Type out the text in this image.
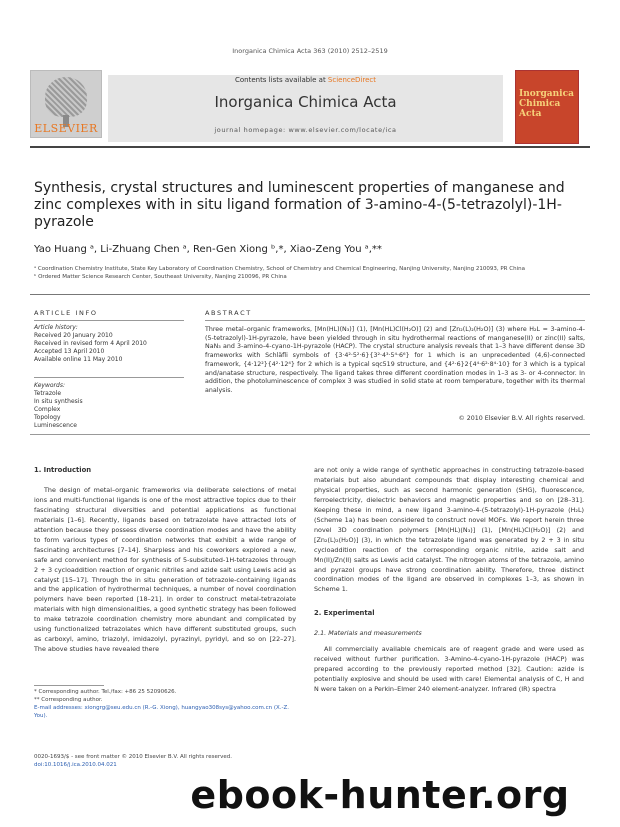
Inorganica Chimica Acta 363 (2010) 2512–2519
ELSEVIER
Contents lists available at ScienceDirect
Inorganica Chimica Acta
journal homepage: www.elsevier.com/locate/ica
Inorganica Chimica Acta
Synthesis, crystal structures and luminescent properties of manganese and zinc complexes with in situ ligand formation of 3-amino-4-(5-tetrazolyl)-1H-pyrazole
Yao Huang ᵃ, Li-Zhuang Chen ᵃ, Ren-Gen Xiong ᵇ,*, Xiao-Zeng You ᵃ,**
ᵃ Coordination Chemistry Institute, State Key Laboratory of Coordination Chemistry, School of Chemistry and Chemical Engineering, Nanjing University, Nanjing 210093, PR China
ᵇ Ordered Matter Science Research Center, Southeast University, Nanjing 210096, PR China
ARTICLE INFO
Article history:
Received 20 January 2010
Received in revised form 4 April 2010
Accepted 13 April 2010
Available online 11 May 2010
Keywords:
Tetrazole
In situ synthesis
Complex
Topology
Luminescence
ABSTRACT
Three metal–organic frameworks, [Mn(HL)(N₃)] (1), [Mn(HL)Cl(H₂O)] (2) and [Zn₂(L)₂(H₂O)] (3) where H₂L = 3-amino-4-(5-tetrazolyl)-1H-pyrazole, have been yielded through in situ hydrothermal reactions of manganese(II) or zinc(II) salts, NaN₃ and 3-amino-4-cyano-1H-pyrazole (HACP). The crystal structure analysis reveals that 1–3 have different dense 3D frameworks with Schläfli symbols of {3·4²·5²·6}{3²·4³·5⁴·6⁶} for 1 which is an unprecedented (4,6)-connected framework, {4·12²}{4²·12⁴} for 2 which is a typical sqc519 structure, and {4²·6}2{4⁴·6²·8⁴·10} for 3 which is a typical and/anatase structure, respectively. The ligand takes three different coordination modes in 1–3 as 3- or 4-connector. In addition, the photoluminescence of complex 3 was studied in solid state at room temperature, together with its thermal analysis.
© 2010 Elsevier B.V. All rights reserved.

1. Introduction

The design of metal–organic frameworks via deliberate selections of metal ions and multi-functional ligands is one of the most attractive topics due to their fascinating structural diversities and potential applications as functional materials [1–6]. Recently, ligands based on tetrazolate have attracted lots of attention because they possess diverse coordination modes and have the ability to form various types of coordination networks that exhibit a wide range of fascinating architectures [7–14]. Sharpless and his coworkers explored a new, safe and convenient method for synthesis of 5-subsituted-1H-tetrazoles through 2 + 3 cycloaddition reaction of organic nitriles and azide salt using Lewis acid as catalyst [15–17]. Through the in situ generation of tetrazole-containing ligands and the application of hydrothermal techniques, a number of novel coordination polymers have been reported [18–21]. In order to construct metal-tetrazolate materials with high dimensionalities, a good synthetic strategy has been followed to make tetrazole coordination chemistry more abundant and complicated by using functionalized tetrazolates which have different substituted groups, such as carboxyl, amino, triazolyl, imidazolyl, pyrazinyl, pyridyl, and so on [22–27]. The above studies have revealed there

are not only a wide range of synthetic approaches in constructing tetrazole-based materials but also abundant compounds that display interesting chemical and physical properties, such as second harmonic generation (SHG), fluorescence, ferroelectricity, dielectric behaviors and magnetic properties and so on [28–31]. Keeping these in mind, a new ligand 3-amino-4-(5-tetrazolyl)-1H-pyrazole (H₂L) (Scheme 1a) has been considered to construct novel MOFs. We report herein three novel 3D coordination polymers [Mn(HL)(N₃)] (1), [Mn(HL)Cl(H₂O)] (2) and [Zn₂(L)₂(H₂O)] (3), in which the tetrazolate ligand was generated by 2 + 3 in situ cycloaddition reaction of the corresponding organic nitrile, azide salt and Mn(II)/Zn(II) salts as Lewis acid catalyst. The nitrogen atoms of the tetrazole, amino and pyrazol groups have strong coordination ability. Therefore, three distinct coordination modes of the ligand are observed in complexes 1–3, as shown in Scheme 1.

2. Experimental

2.1. Materials and measurements

All commercially available chemicals are of reagent grade and were used as received without further purification. 3-Amino-4-cyano-1H-pyrazole (HACP) was prepared according to the previously reported method [32]. Caution: azide is potentially explosive and should be used with care! Elemental analysis of C, H and N were taken on a Perkin–Elmer 240 element-analyzer. Infrared (IR) spectra

* Corresponding author. Tel./fax: +86 25 52090626.
** Corresponding author.
E-mail addresses: xiongrg@seu.edu.cn (R.-G. Xiong), huangyao308sys@yahoo.com.cn (X.-Z. You).
0020-1693/$ - see front matter © 2010 Elsevier B.V. All rights reserved.
doi:10.1016/j.ica.2010.04.021
ebook-hunter.org
